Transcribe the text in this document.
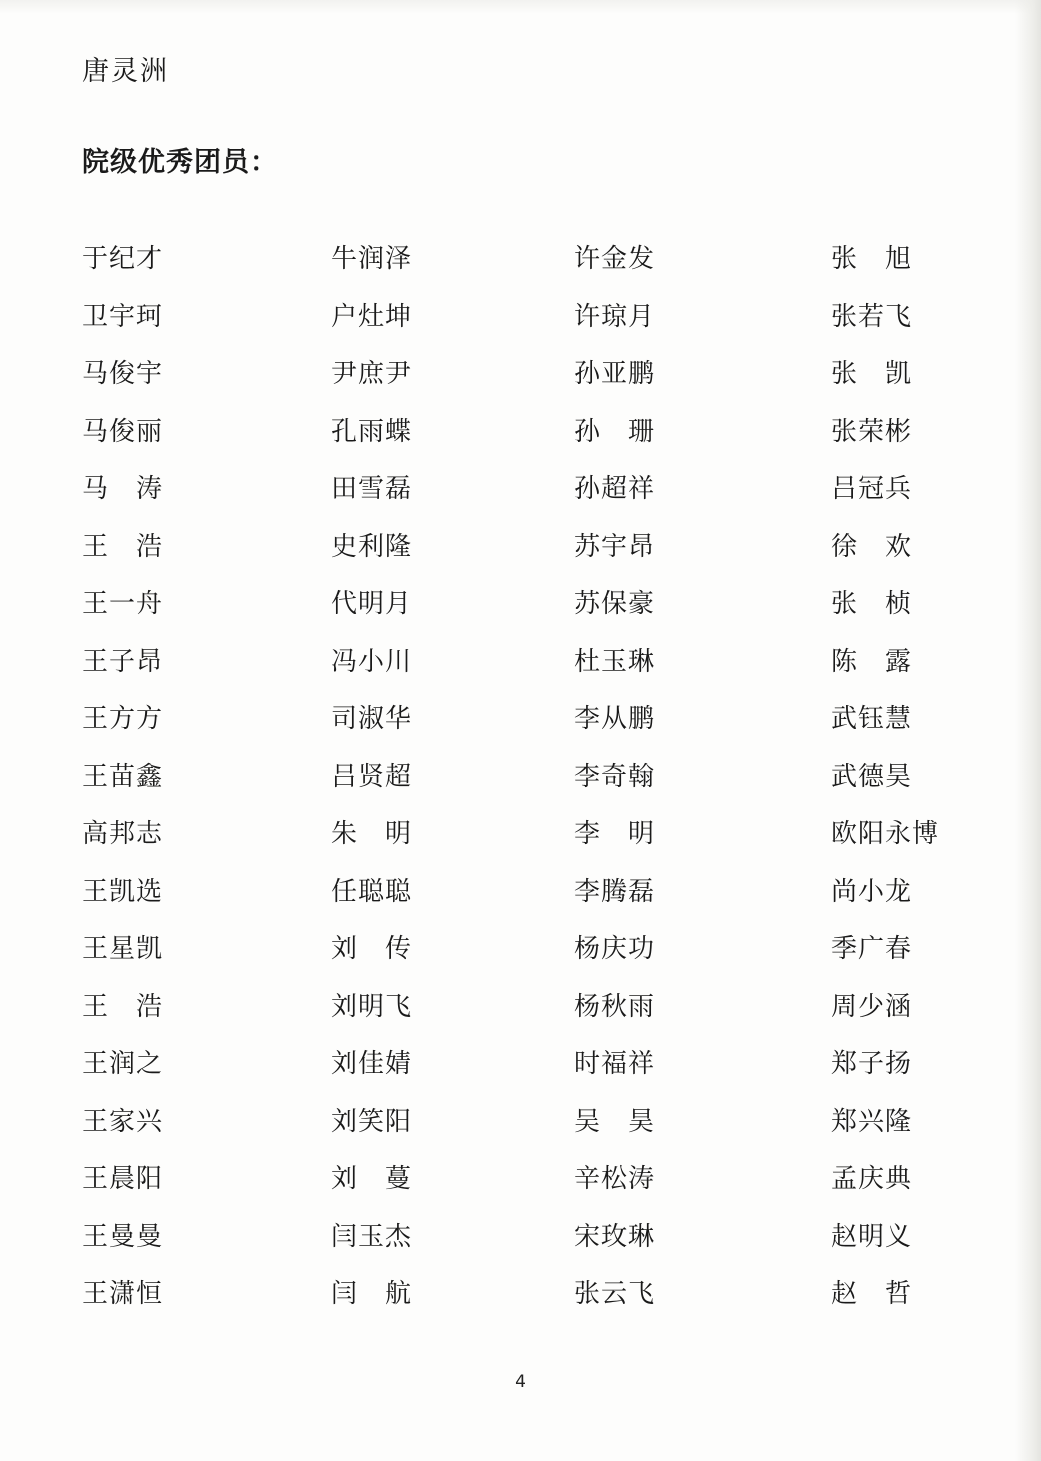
唐灵洲
院级优秀团员：
于纪才	牛润泽	许金发	张　旭
卫宇珂	户灶坤	许琼月	张若飞
马俊宇	尹庶尹	孙亚鹏	张　凯
马俊丽	孔雨蝶	孙　珊	张荣彬
马　涛	田雪磊	孙超祥	吕冠兵
王　浩	史利隆	苏宇昂	徐　欢
王一舟	代明月	苏保豪	张　桢
王子昂	冯小川	杜玉琳	陈　露
王方方	司淑华	李从鹏	武钰慧
王苗鑫	吕贤超	李奇翰	武德昊
高邦志	朱　明	李　明	欧阳永博
王凯选	任聪聪	李腾磊	尚小龙
王星凯	刘　传	杨庆功	季广春
王　浩	刘明飞	杨秋雨	周少涵
王润之	刘佳婧	时福祥	郑子扬
王家兴	刘笑阳	吴　昊	郑兴隆
王晨阳	刘　蔓	辛松涛	孟庆典
王曼曼	闫玉杰	宋玫琳	赵明义
王潇恒	闫　航	张云飞	赵　哲
4
